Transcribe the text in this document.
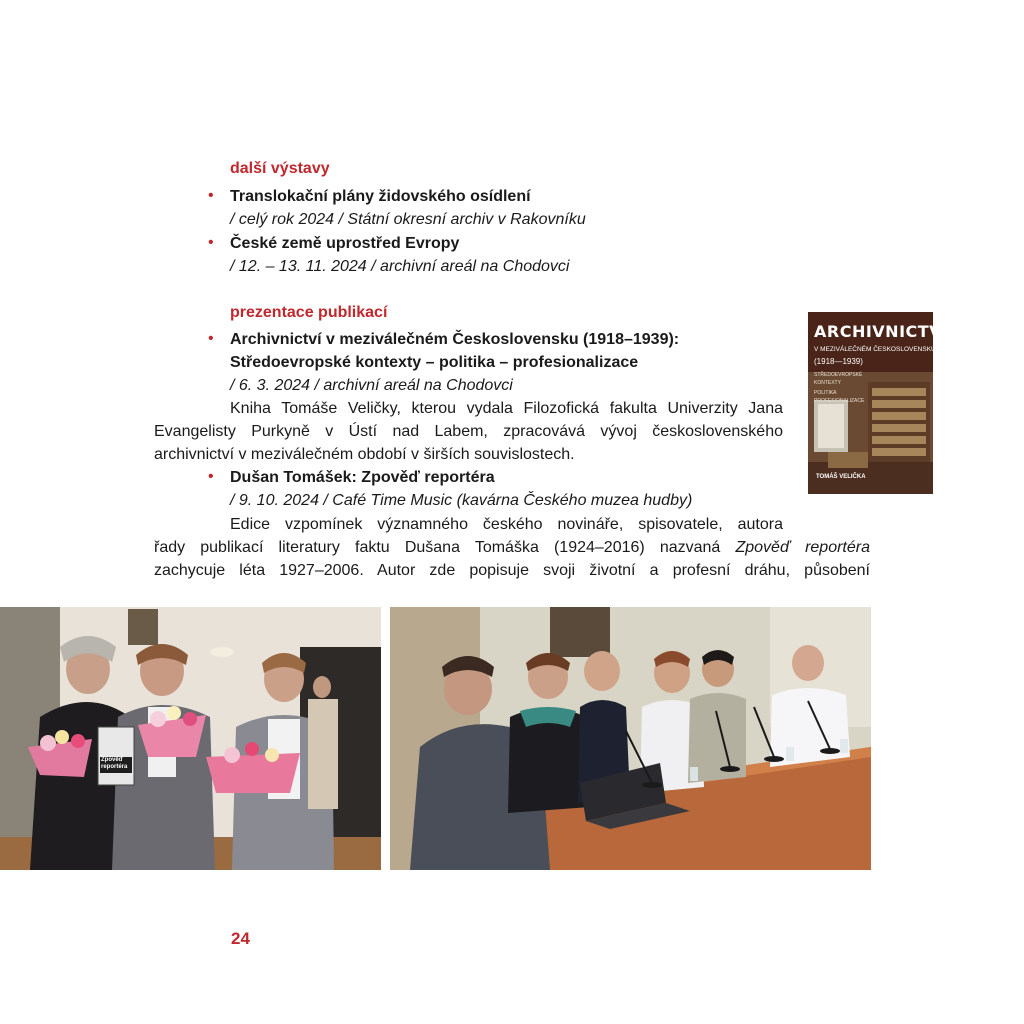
další výstavy
• Translokační plány židovského osídlení
/ celý rok 2024 / Státní okresní archiv v Rakovníku
• České země uprostřed Evropy
/ 12. – 13. 11. 2024 / archivní areál na Chodovci
prezentace publikací
• Archivnictví v meziválečném Československu (1918–1939):
Středoevropské kontexty – politika – profesionalizace
/ 6. 3. 2024 / archivní areál na Chodovci
Kniha Tomáše Veličky, kterou vydala Filozofická fakulta Univerzity Jana
Evangelisty Purkyně v Ústí nad Labem, zpracovává vývoj československého
archivnictví v meziválečném období v širších souvislostech.
• Dušan Tomášek: Zpověď reportéra
/ 9. 10. 2024 / Café Time Music (kavárna Českého muzea hudby)
Edice vzpomínek významného českého novináře, spisovatele, autora
řady publikací literatury faktu Dušana Tomáška (1924–2016) nazvaná Zpověď reportéra
zachycuje léta 1927–2006. Autor zde popisuje svoji životní a profesní dráhu, působení
ARCHIVNICTVÍ
V MEZIVÁLEČNÉM ČESKOSLOVENSKU
(1918—1939)
STŘEDOEVROPSKÉ
KONTEXTY
POLITIKA
PROFESIONALIZACE
TOMÁŠ VELIČKA
Zpověď
reportéra
24
